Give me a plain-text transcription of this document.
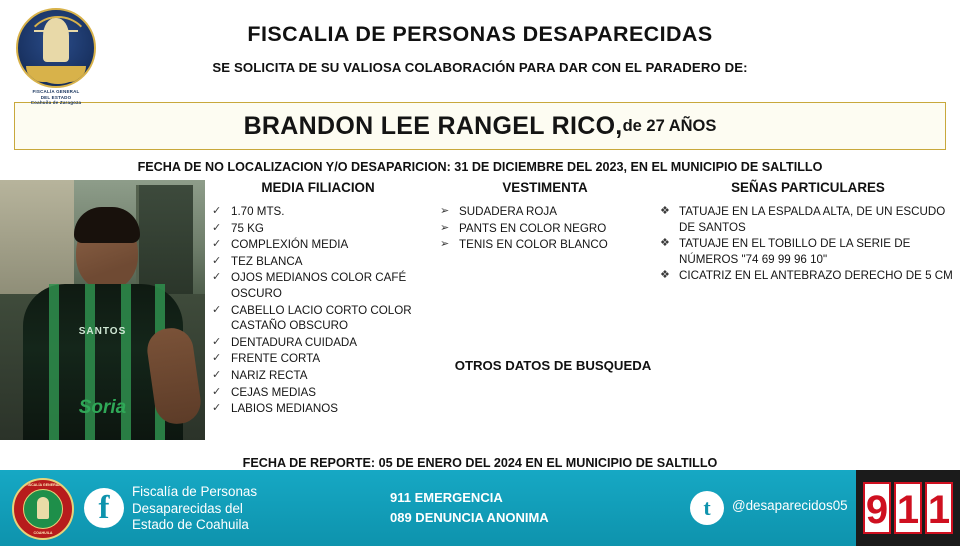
FISCALÍA GENERAL
DEL ESTADO
Coahuila de Zaragoza
FISCALIA DE PERSONAS DESAPARECIDAS
SE SOLICITA DE SU VALIOSA COLABORACIÓN PARA DAR CON EL PARADERO DE:
BRANDON LEE RANGEL RICO, de 27 AÑOS
FECHA DE NO LOCALIZACION Y/O DESAPARICION: 31 DE DICIEMBRE DEL 2023, EN EL MUNICIPIO DE SALTILLO
SANTOS
Soria
MEDIA FILIACION
✓ 1.70 MTS.
✓ 75 KG
✓ COMPLEXIÓN MEDIA
✓ TEZ BLANCA
✓ OJOS MEDIANOS COLOR CAFÉ OSCURO
✓ CABELLO LACIO CORTO COLOR CASTAÑO OBSCURO
✓ DENTADURA CUIDADA
✓ FRENTE CORTA
✓ NARIZ RECTA
✓ CEJAS MEDIAS
✓ LABIOS MEDIANOS
VESTIMENTA
➢ SUDADERA ROJA
➢ PANTS EN COLOR NEGRO
➢ TENIS EN COLOR BLANCO
SEÑAS PARTICULARES
❖ TATUAJE EN LA ESPALDA ALTA, DE UN ESCUDO DE SANTOS
❖ TATUAJE EN EL TOBILLO DE LA SERIE DE NÚMEROS "74 69 99 96 10"
❖ CICATRIZ EN EL ANTEBRAZO DERECHO DE 5 CM
OTROS DATOS DE BUSQUEDA
FECHA DE REPORTE: 05 DE ENERO DEL 2024 EN EL MUNICIPIO DE SALTILLO
FISCALÍA GENERAL
COAHUILA
f	Fiscalía de Personas
Desaparecidas del
Estado de Coahuila
911 EMERGENCIA
089 DENUNCIA ANONIMA	t	@desaparecidos05 9 1 1
